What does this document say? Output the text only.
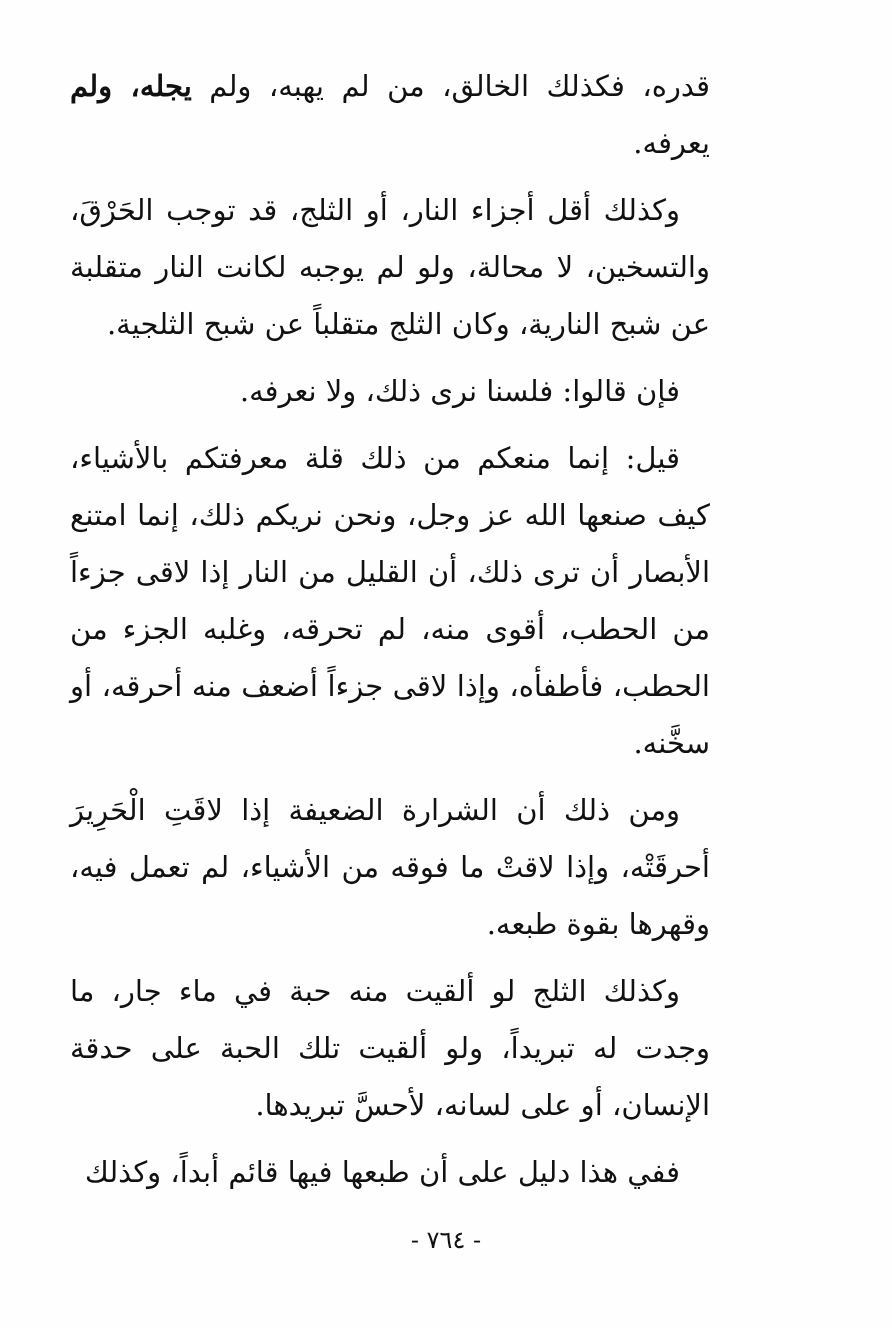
قدره، فكذلك الخالق، من لم يهبه، ولم يجله، ولم يعرفه.

وكذلك أقل أجزاء النار، أو الثلج، قد توجب الحَرْقَ، والتسخين، لا محالة، ولو لم يوجبه لكانت النار متقلبة عن شبح النارية، وكان الثلج متقلباً عن شبح الثلجية.

فإن قالوا: فلسنا نرى ذلك، ولا نعرفه.

قيل: إنما منعكم من ذلك قلة معرفتكم بالأشياء، كيف صنعها الله عز وجل، ونحن نريكم ذلك، إنما امتنع الأبصار أن ترى ذلك، أن القليل من النار إذا لاقى جزءاً من الحطب، أقوى منه، لم تحرقه، وغلبه الجزء من الحطب، فأطفأه، وإذا لاقى جزءاً أضعف منه أحرقه، أو سخَّنه.

ومن ذلك أن الشرارة الضعيفة إذا لاقَتِ الْحَرِيرَ أحرقَتْه، وإذا لاقتْ ما فوقه من الأشياء، لم تعمل فيه، وقهرها بقوة طبعه.

وكذلك الثلج لو ألقيت منه حبة في ماء جار، ما وجدت له تبريداً، ولو ألقيت تلك الحبة على حدقة الإنسان، أو على لسانه، لأحسَّ تبريدها.

ففي هذا دليل على أن طبعها فيها قائم أبداً، وكذلك

- ٧٦٤ -
